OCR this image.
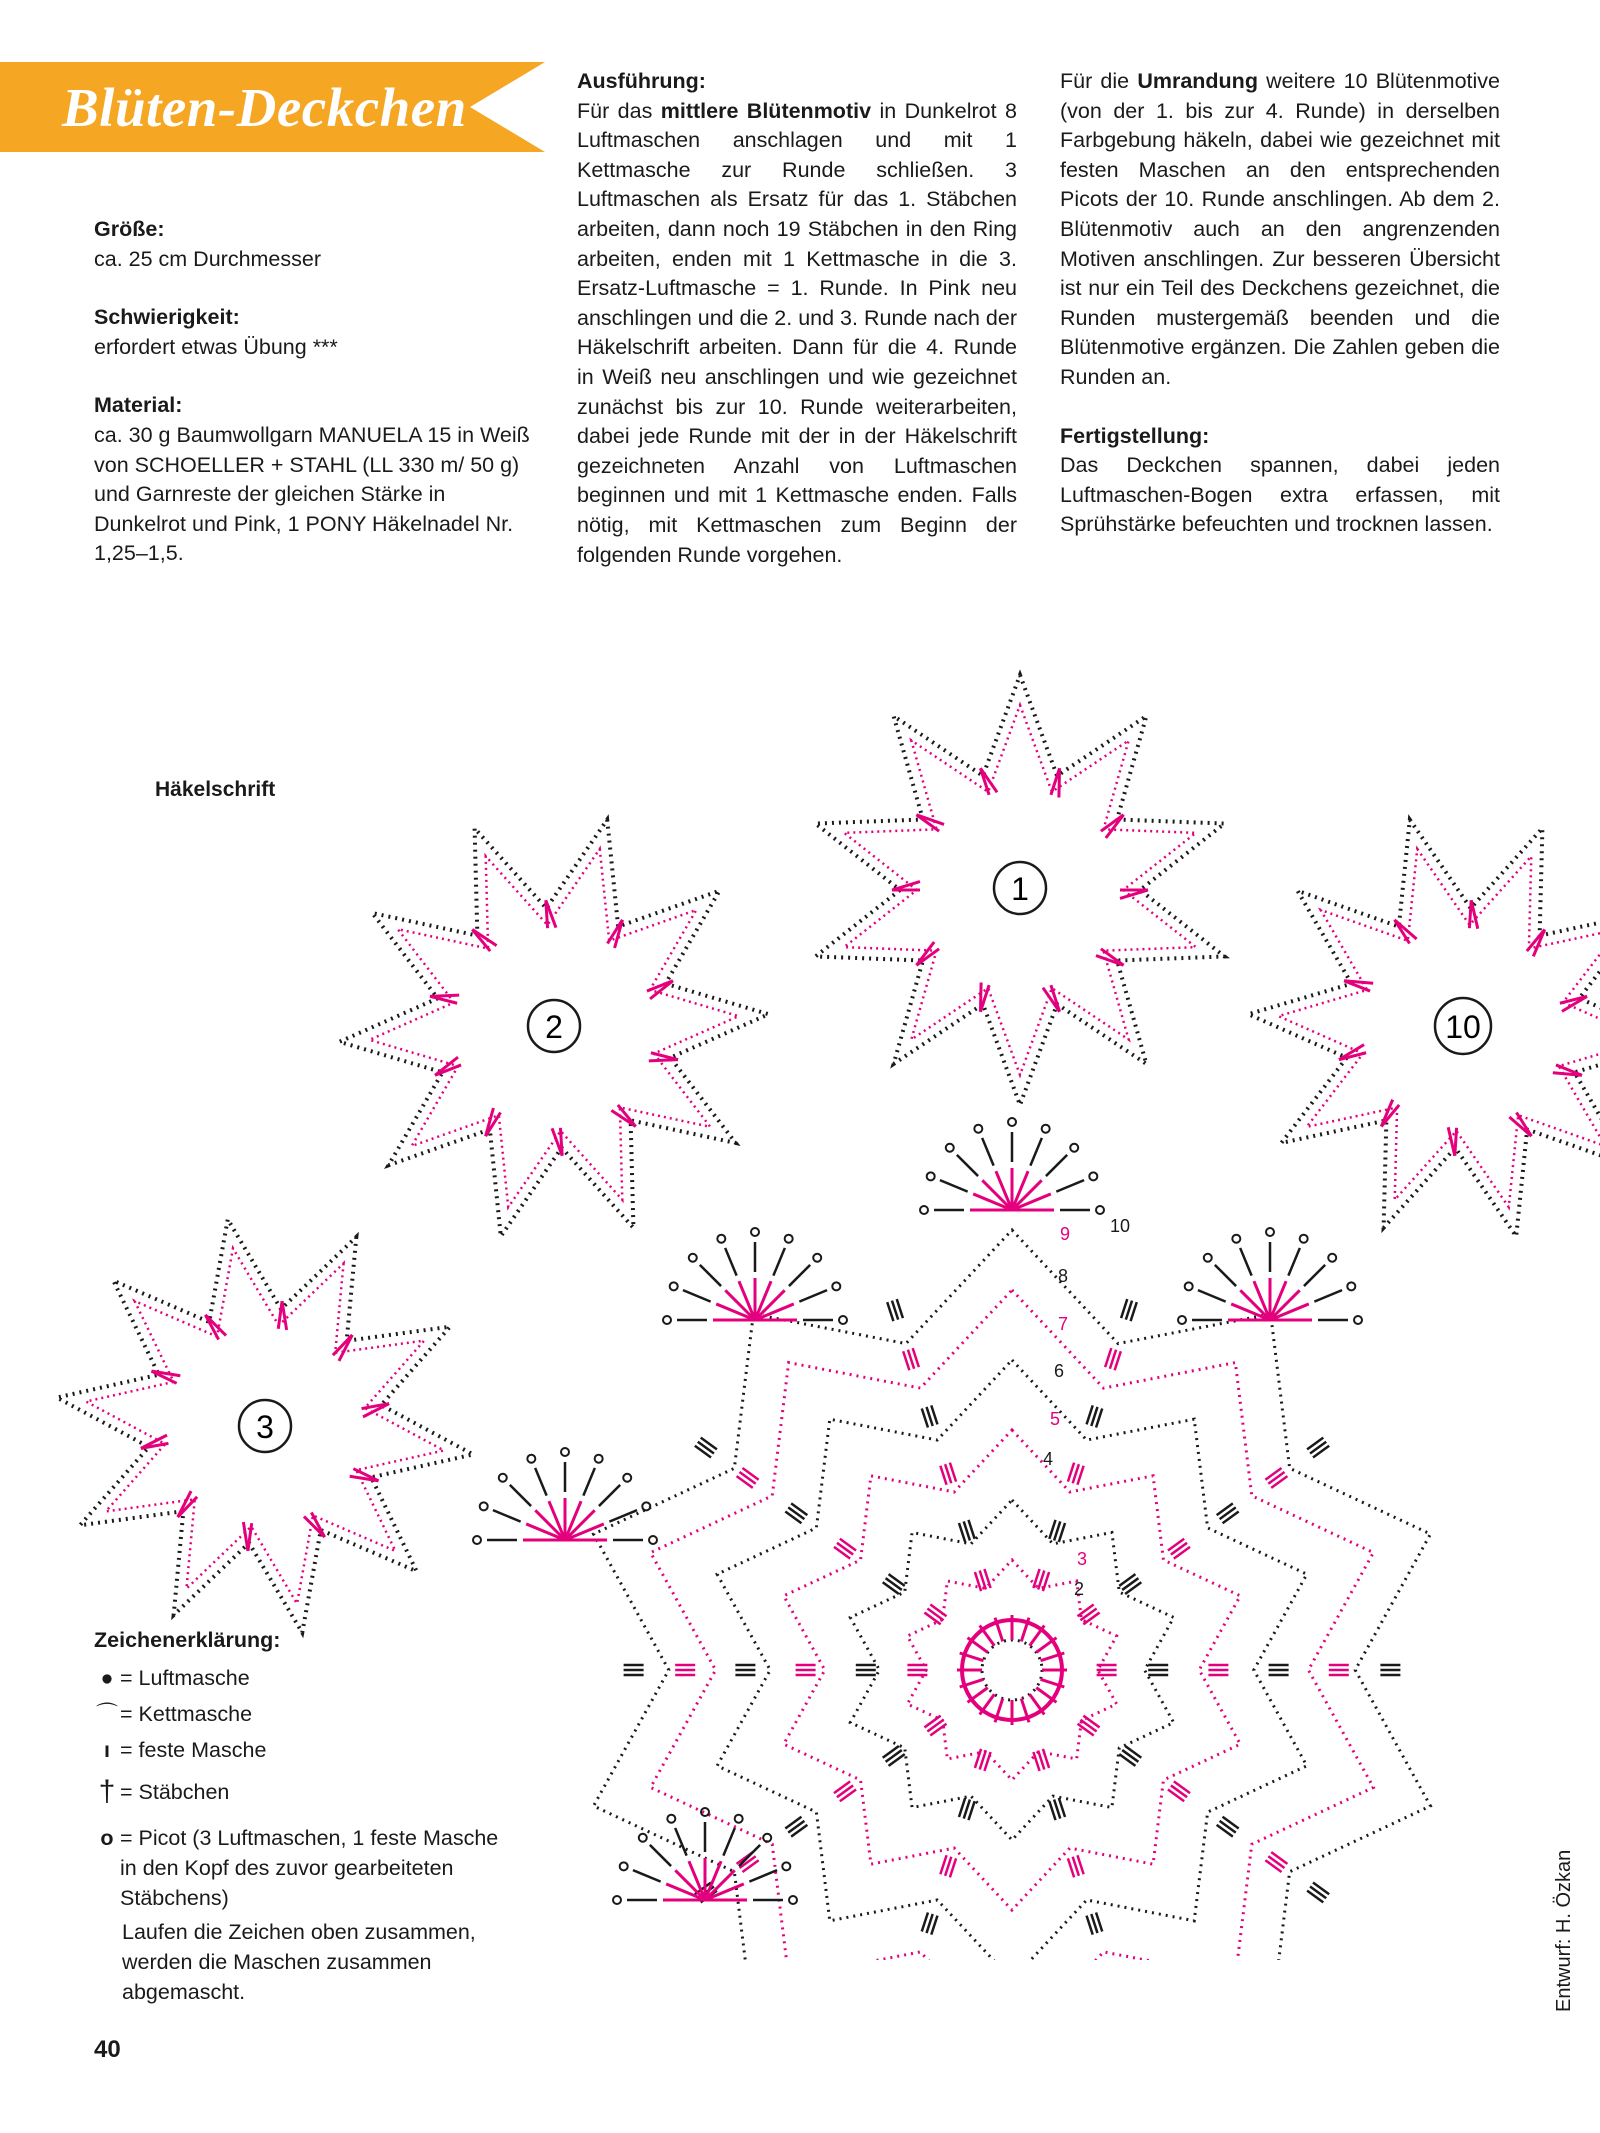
Blüten-Deckchen

Größe:

ca. 25 cm Durchmesser

Schwierigkeit:

erfordert etwas Übung ***

Material:

ca. 30 g Baumwollgarn MANUELA 15 in Weiß von SCHOELLER + STAHL (LL 330 m/ 50 g) und Garnreste der gleichen Stärke in Dunkelrot und Pink, 1 PONY Häkelnadel Nr. 1,25–1,5.

Ausführung:

Für das mittlere Blütenmotiv in Dunkelrot 8 Luftmaschen anschlagen und mit 1 Kettmasche zur Runde schließen. 3 Luftmaschen als Ersatz für das 1. Stäbchen arbeiten, dann noch 19 Stäbchen in den Ring arbeiten, enden mit 1 Kettmasche in die 3. Ersatz-Luftmasche = 1. Runde. In Pink neu anschlingen und die 2. und 3. Runde nach der Häkelschrift arbeiten. Dann für die 4. Runde in Weiß neu anschlingen und wie gezeichnet zunächst bis zur 10. Runde weiterarbeiten, dabei jede Runde mit der in der Häkelschrift gezeichneten Anzahl von Luftmaschen beginnen und mit 1 Kettmasche enden. Falls nötig, mit Kettmaschen zum Beginn der folgenden Runde vorgehen.

Für die Umrandung weitere 10 Blütenmotive (von der 1. bis zur 4. Runde) in derselben Farbgebung häkeln, dabei wie gezeichnet mit festen Maschen an den entsprechenden Picots der 10. Runde anschlingen. Ab dem 2. Blütenmotiv auch an den angrenzenden Motiven anschlingen. Zur besseren Übersicht ist nur ein Teil des Deckchens gezeichnet, die Runden mustergemäß beenden und die Blütenmotive ergänzen. Die Zahlen geben die Runden an.

Fertigstellung:

Das Deckchen spannen, dabei jeden Luftmaschen-Bogen extra erfassen, mit Sprühstärke befeuchten und trocknen lassen.

Häkelschrift
1
2	10
3
10
9
8
7
6
5
4
3
2
Zeichenerklärung:
● = Luftmasche
⌒ = Kettmasche
ı = feste Masche
† = Stäbchen
o = Picot (3 Luftmaschen, 1 feste Masche in den Kopf des zuvor gearbeiteten Stäbchens)
Laufen die Zeichen oben zusammen, werden die Maschen zusammen abgemascht.
40
Entwurf: H. Özkan
